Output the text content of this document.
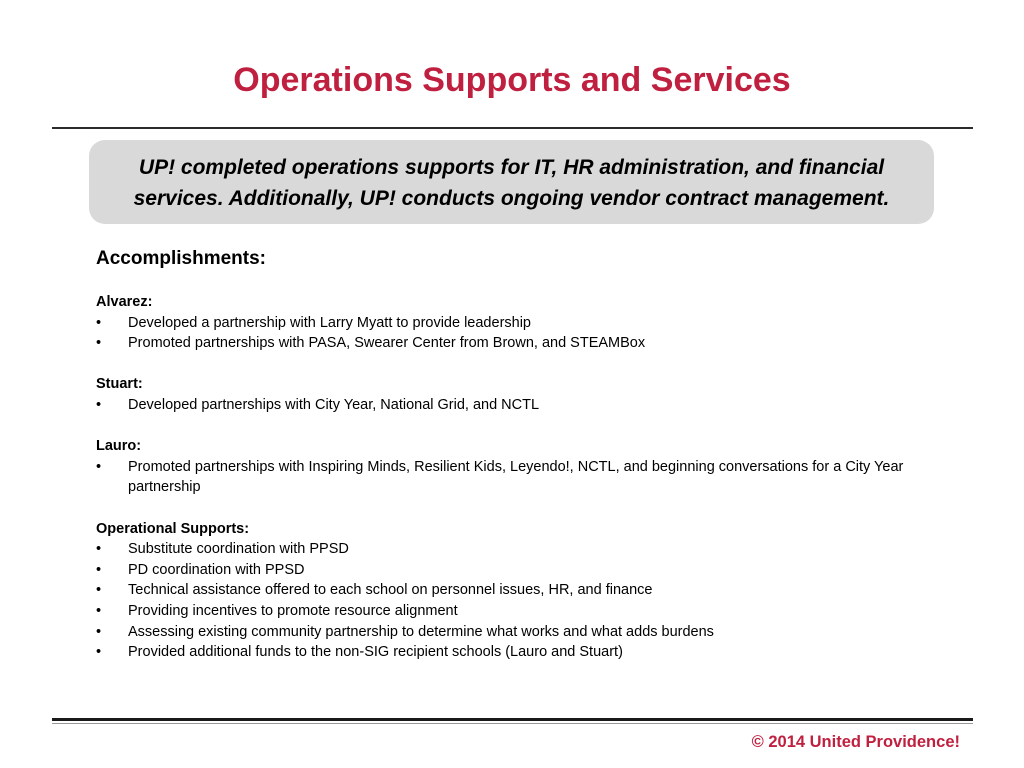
Operations Supports and Services
UP! completed operations supports for IT, HR administration, and financial services. Additionally, UP! conducts ongoing vendor contract management.
Accomplishments:
Alvarez:
•	Developed a partnership with Larry Myatt to provide leadership
•	Promoted partnerships with PASA, Swearer Center from Brown, and STEAMBox
Stuart:
•	Developed partnerships with City Year, National Grid, and NCTL
Lauro:
•	Promoted partnerships with Inspiring Minds, Resilient Kids, Leyendo!, NCTL, and beginning conversations for a City Year partnership
Operational Supports:
•	Substitute coordination with PPSD
•	PD coordination with PPSD
•	Technical assistance offered to each school on personnel issues, HR, and finance
•	Providing incentives to promote resource alignment
•	Assessing existing community partnership to determine what works and what adds burdens
•	Provided additional funds to the non-SIG recipient schools (Lauro and Stuart)
© 2014 United Providence!
